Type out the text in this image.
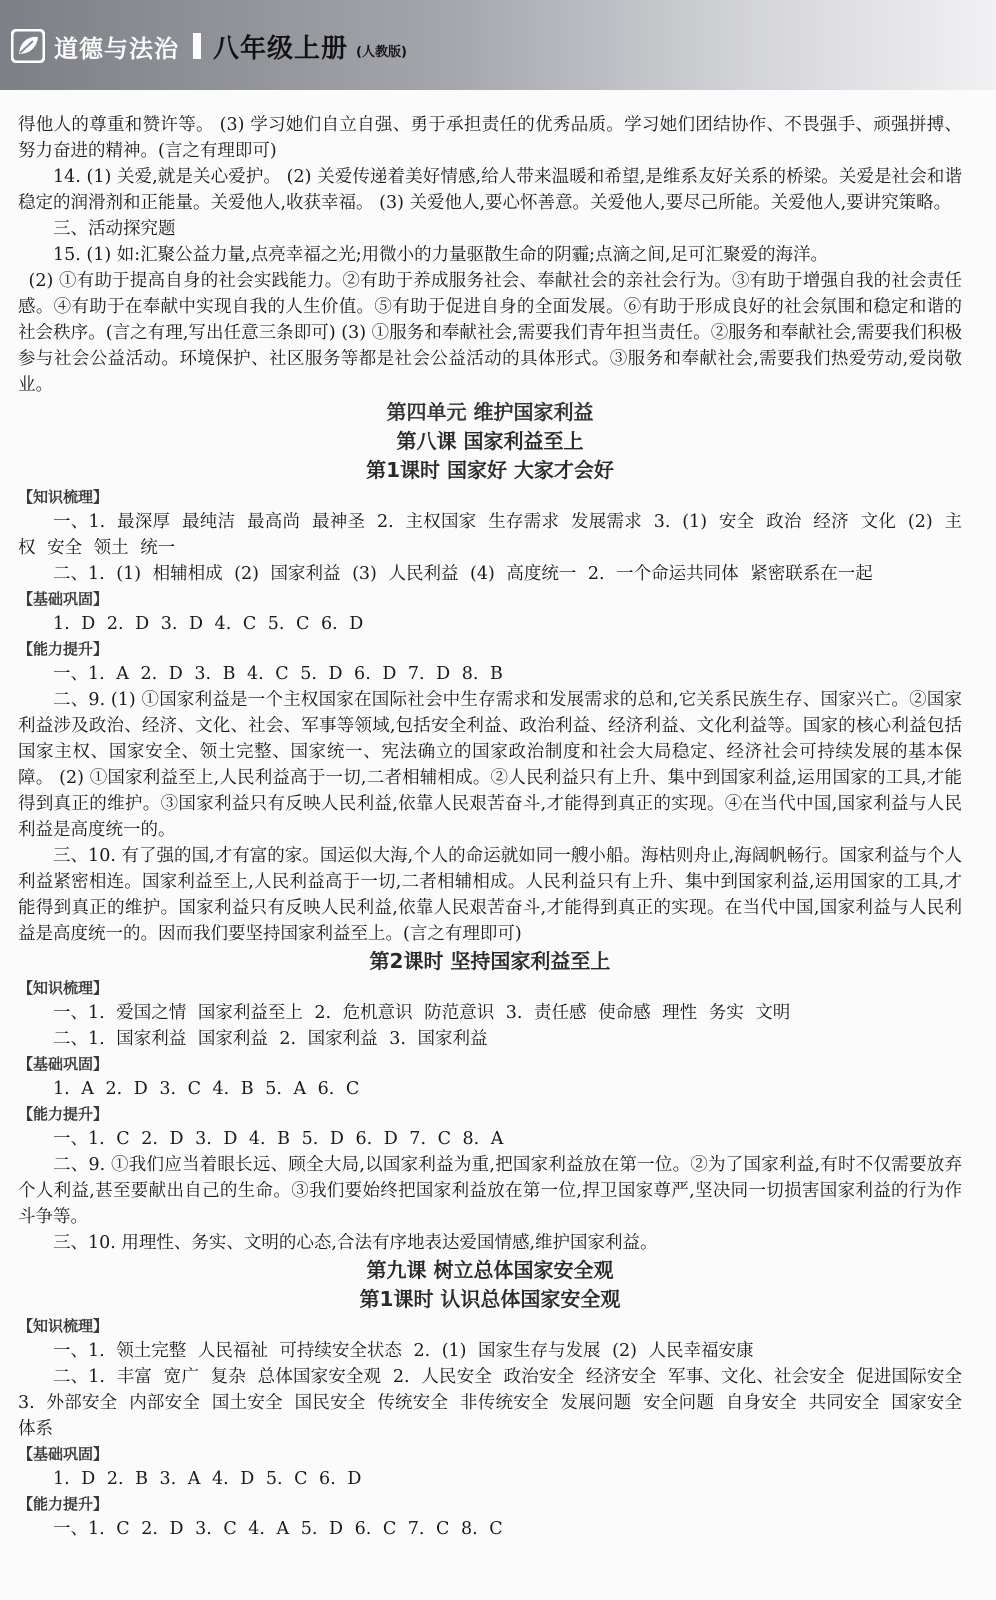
道德与法治 八年级上册 (人教版)

得他人的尊重和赞许等。 (3) 学习她们自立自强、勇于承担责任的优秀品质。学习她们团结协作、不畏强手、顽强拼搏、努力奋进的精神。(言之有理即可)

14. (1) 关爱,就是关心爱护。 (2) 关爱传递着美好情感,给人带来温暖和希望,是维系友好关系的桥梁。关爱是社会和谐稳定的润滑剂和正能量。关爱他人,收获幸福。 (3) 关爱他人,要心怀善意。关爱他人,要尽己所能。关爱他人,要讲究策略。

三、活动探究题

15. (1) 如:汇聚公益力量,点亮幸福之光;用微小的力量驱散生命的阴霾;点滴之间,足可汇聚爱的海洋。

(2) ①有助于提高自身的社会实践能力。②有助于养成服务社会、奉献社会的亲社会行为。③有助于增强自我的社会责任感。④有助于在奉献中实现自我的人生价值。⑤有助于促进自身的全面发展。⑥有助于形成良好的社会氛围和稳定和谐的社会秩序。(言之有理,写出任意三条即可) (3) ①服务和奉献社会,需要我们青年担当责任。②服务和奉献社会,需要我们积极参与社会公益活动。环境保护、社区服务等都是社会公益活动的具体形式。③服务和奉献社会,需要我们热爱劳动,爱岗敬业。

第四单元 维护国家利益

第八课 国家利益至上

第1课时 国家好 大家才会好

【知识梳理】

一、1. 最深厚 最纯洁 最高尚 最神圣 2. 主权国家 生存需求 发展需求 3. (1) 安全 政治 经济 文化 (2) 主权 安全 领土 统一

二、1. (1) 相辅相成 (2) 国家利益 (3) 人民利益 (4) 高度统一 2. 一个命运共同体 紧密联系在一起

【基础巩固】

1. D 2. D 3. D 4. C 5. C 6. D

【能力提升】

一、1. A 2. D 3. B 4. C 5. D 6. D 7. D 8. B

二、9. (1) ①国家利益是一个主权国家在国际社会中生存需求和发展需求的总和,它关系民族生存、国家兴亡。②国家利益涉及政治、经济、文化、社会、军事等领域,包括安全利益、政治利益、经济利益、文化利益等。国家的核心利益包括国家主权、国家安全、领土完整、国家统一、宪法确立的国家政治制度和社会大局稳定、经济社会可持续发展的基本保障。 (2) ①国家利益至上,人民利益高于一切,二者相辅相成。②人民利益只有上升、集中到国家利益,运用国家的工具,才能得到真正的维护。③国家利益只有反映人民利益,依靠人民艰苦奋斗,才能得到真正的实现。④在当代中国,国家利益与人民利益是高度统一的。

三、10. 有了强的国,才有富的家。国运似大海,个人的命运就如同一艘小船。海枯则舟止,海阔帆畅行。国家利益与个人利益紧密相连。国家利益至上,人民利益高于一切,二者相辅相成。人民利益只有上升、集中到国家利益,运用国家的工具,才能得到真正的维护。国家利益只有反映人民利益,依靠人民艰苦奋斗,才能得到真正的实现。在当代中国,国家利益与人民利益是高度统一的。因而我们要坚持国家利益至上。(言之有理即可)

第2课时 坚持国家利益至上

【知识梳理】

一、1. 爱国之情 国家利益至上 2. 危机意识 防范意识 3. 责任感 使命感 理性 务实 文明

二、1. 国家利益 国家利益 2. 国家利益 3. 国家利益

【基础巩固】

1. A 2. D 3. C 4. B 5. A 6. C

【能力提升】

一、1. C 2. D 3. D 4. B 5. D 6. D 7. C 8. A

二、9. ①我们应当着眼长远、顾全大局,以国家利益为重,把国家利益放在第一位。②为了国家利益,有时不仅需要放弃个人利益,甚至要献出自己的生命。③我们要始终把国家利益放在第一位,捍卫国家尊严,坚决同一切损害国家利益的行为作斗争等。

三、10. 用理性、务实、文明的心态,合法有序地表达爱国情感,维护国家利益。

第九课 树立总体国家安全观

第1课时 认识总体国家安全观

【知识梳理】

一、1. 领土完整 人民福祉 可持续安全状态 2. (1) 国家生存与发展 (2) 人民幸福安康

二、1. 丰富 宽广 复杂 总体国家安全观 2. 人民安全 政治安全 经济安全 军事、文化、社会安全 促进国际安全 3. 外部安全 内部安全 国土安全 国民安全 传统安全 非传统安全 发展问题 安全问题 自身安全 共同安全 国家安全体系

【基础巩固】

1. D 2. B 3. A 4. D 5. C 6. D

【能力提升】

一、1. C 2. D 3. C 4. A 5. D 6. C 7. C 8. C
